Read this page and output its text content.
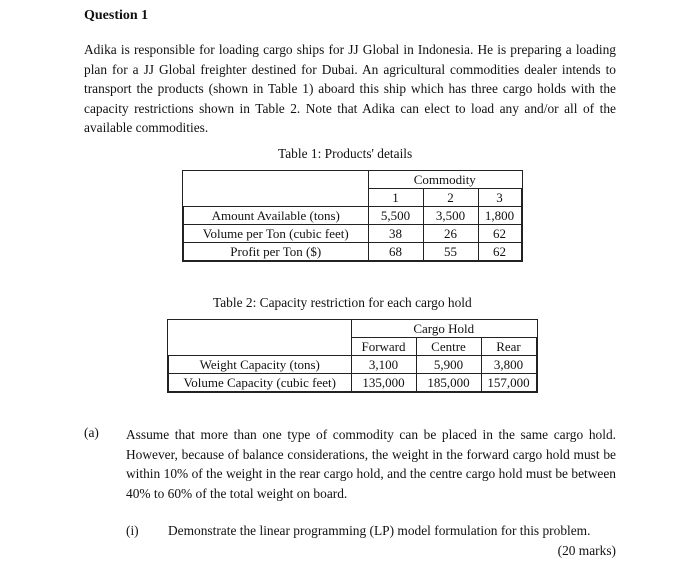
Question 1

Adika is responsible for loading cargo ships for JJ Global in Indonesia. He is preparing a loading plan for a JJ Global freighter destined for Dubai. An agricultural commodities dealer intends to transport the products (shown in Table 1) aboard this ship which has three cargo holds with the capacity restrictions shown in Table 2. Note that Adika can elect to load any and/or all of the available commodities.

Table 1: Products' details
	Commodity		
	1	2	3
Amount Available (tons)	5,500	3,500	1,800
Volume per Ton (cubic feet)	38	26	62
Profit per Ton ($)	68	55	62
Table 2: Capacity restriction for each cargo hold
	Cargo Hold		
	Forward	Centre	Rear
Weight Capacity (tons)	3,100	5,900	3,800
Volume Capacity (cubic feet)	135,000	185,000	157,000
(a) Assume that more than one type of commodity can be placed in the same cargo hold. However, because of balance considerations, the weight in the forward cargo hold must be within 10% of the weight in the rear cargo hold, and the centre cargo hold must be between 40% to 60% of the total weight on board.

(i) Demonstrate the linear programming (LP) model formulation for this problem.
(20 marks)
